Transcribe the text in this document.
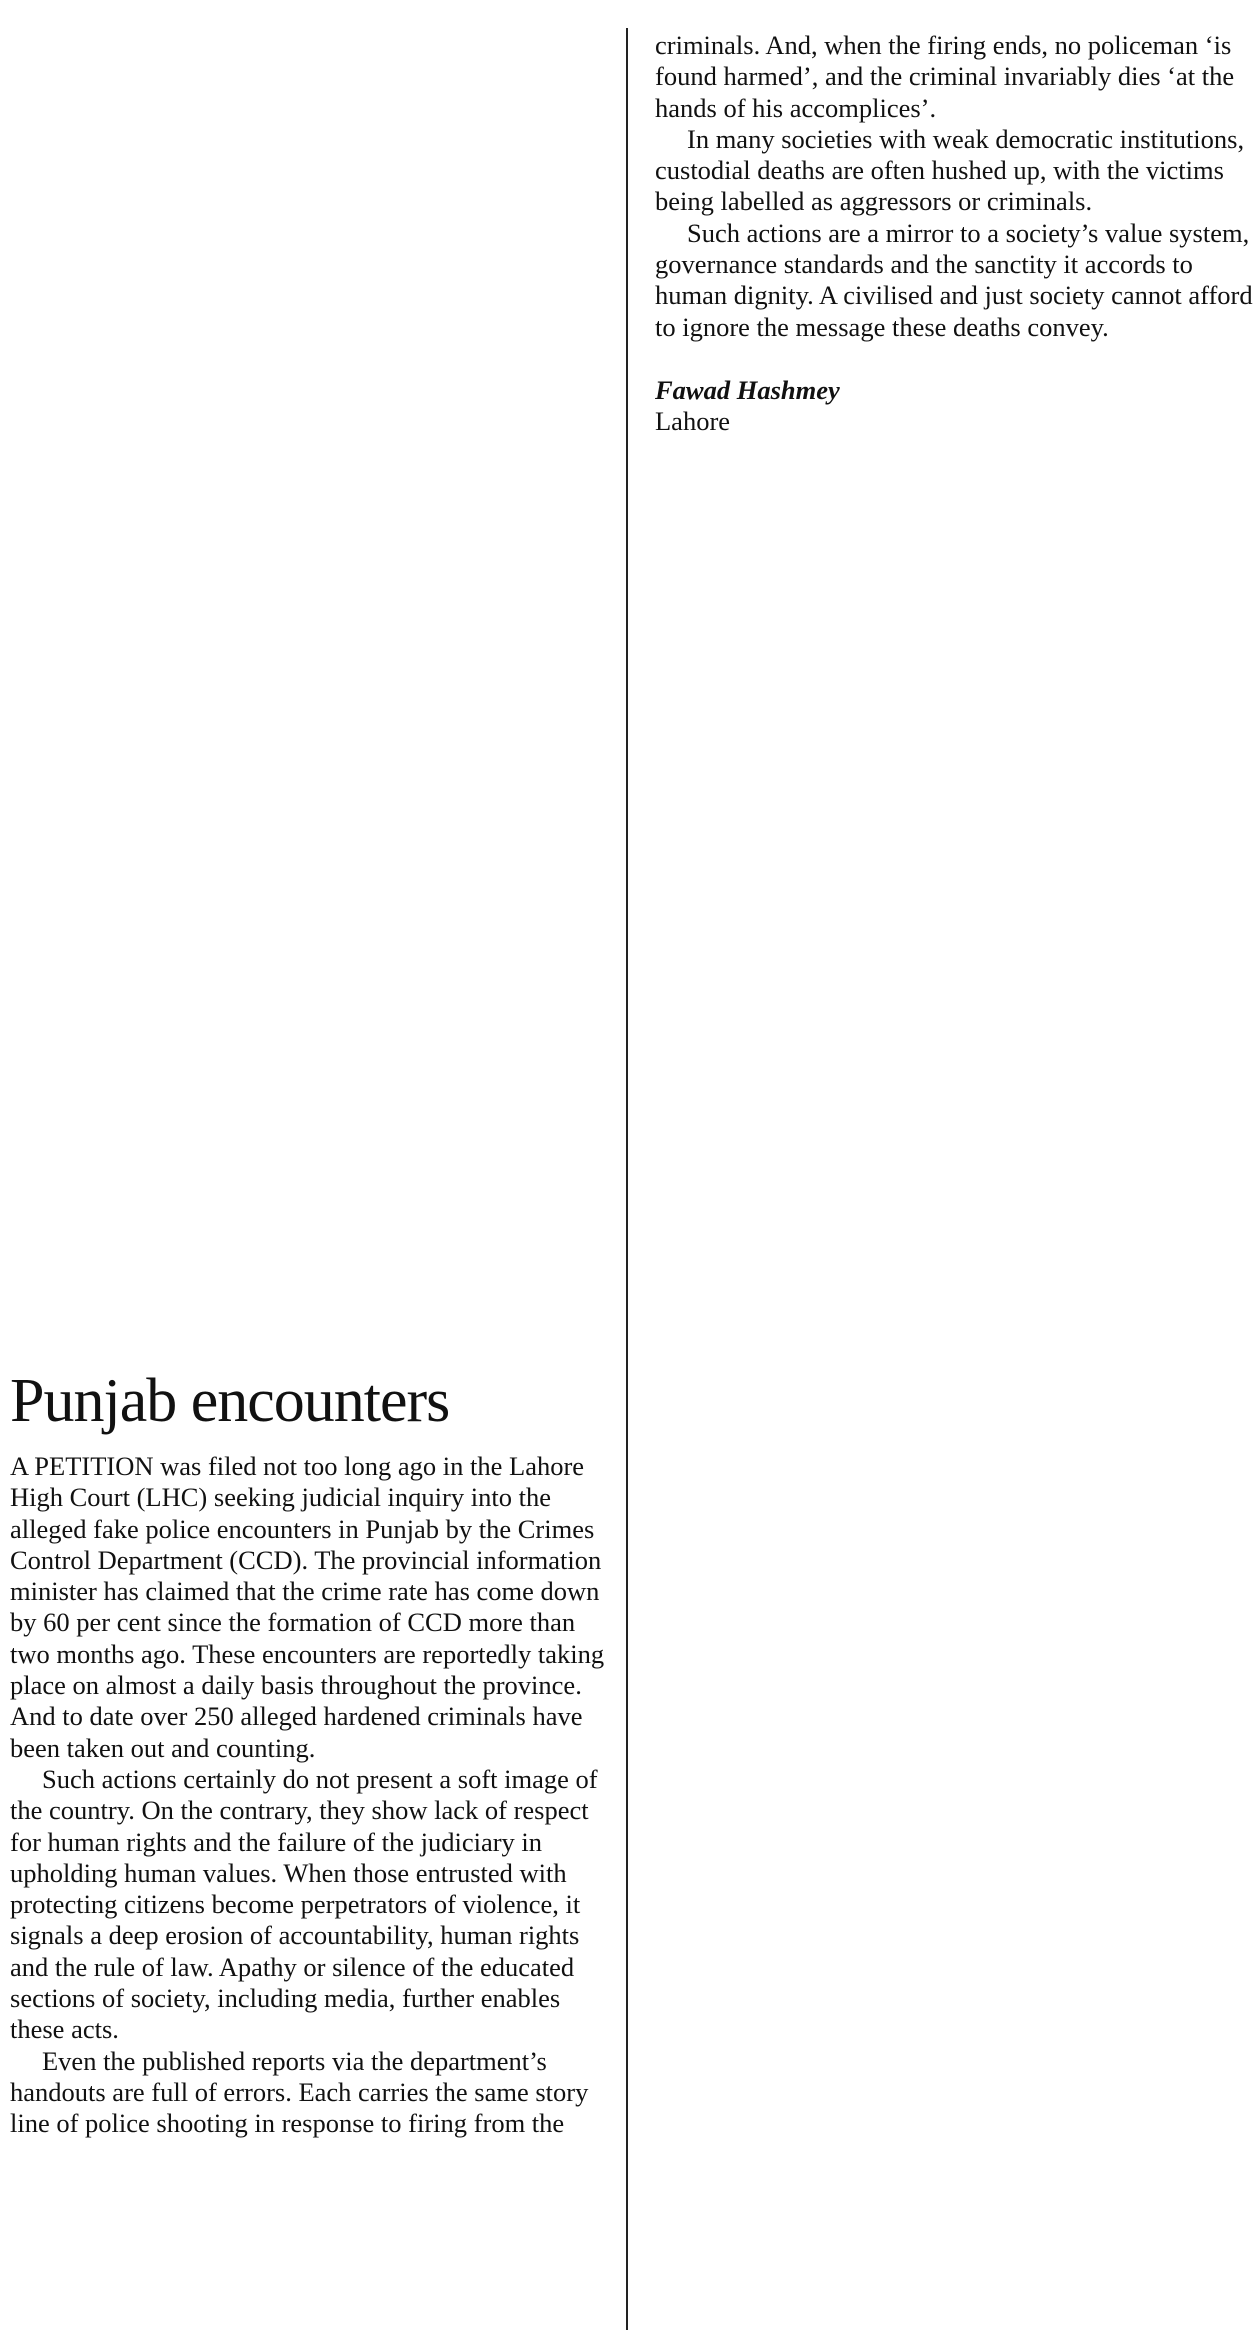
Punjab encounters

A PETITION was filed not too long ago in the Lahore High Court (LHC) seeking judicial inquiry into the alleged fake police encounters in Punjab by the Crimes Control Department (CCD). The provincial information minister has claimed that the crime rate has come down by 60 per cent since the formation of CCD more than two months ago. These encounters are reportedly taking place on almost a daily basis throughout the province. And to date over 250 alleged hardened criminals have been taken out and counting.

Such actions certainly do not present a soft image of the country. On the contrary, they show lack of respect for human rights and the failure of the judiciary in upholding human values. When those entrusted with protecting citizens become perpetrators of violence, it signals a deep erosion of accountability, human rights and the rule of law. Apathy or silence of the educated sections of society, including media, further enables these acts.

Even the published reports via the department’s handouts are full of errors. Each carries the same story line of police shooting in response to firing from the

criminals. And, when the firing ends, no policeman ‘is found harmed’, and the criminal invariably dies ‘at the hands of his accomplices’.

In many societies with weak democratic institutions, custodial deaths are often hushed up, with the victims being labelled as aggressors or criminals.

Such actions are a mirror to a society’s value system, governance standards and the sanctity it accords to human dignity. A civilised and just society cannot afford to ignore the message these deaths convey.

Fawad Hashmey
Lahore
